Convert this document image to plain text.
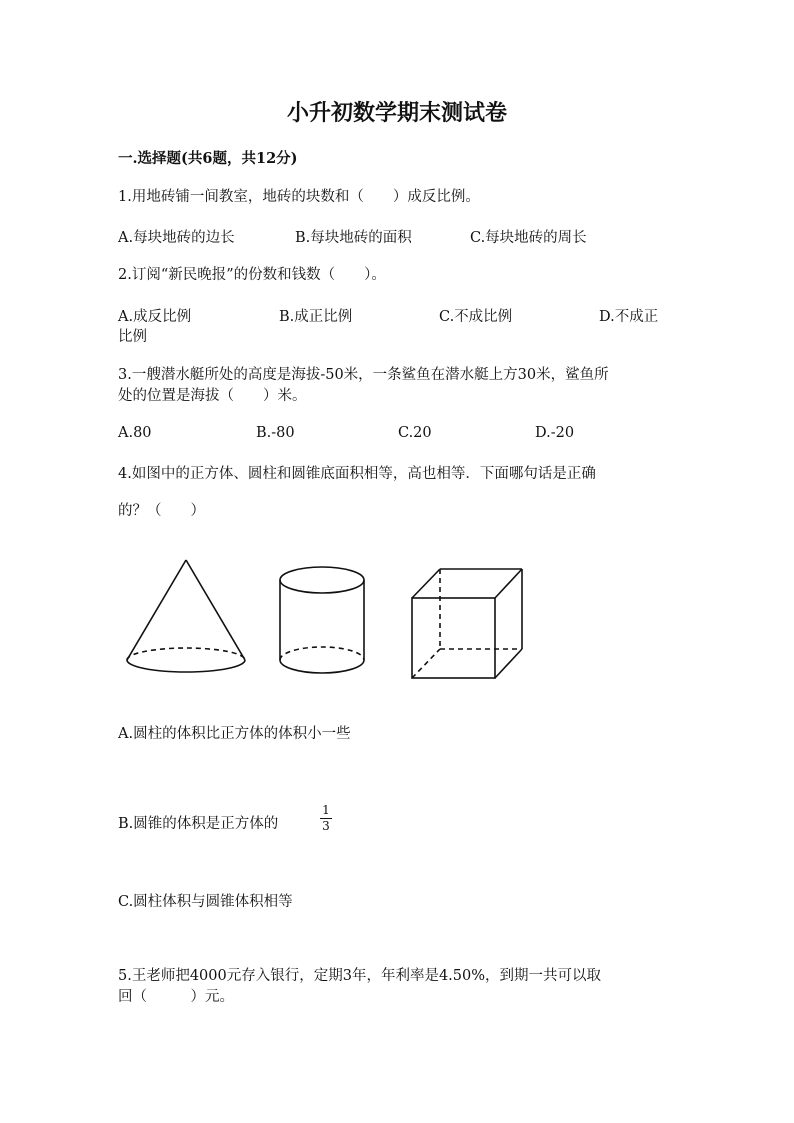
小升初数学期末测试卷
一.选择题(共6题，共12分)
1.用地砖铺一间教室，地砖的块数和（　　）成反比例。
A.每块地砖的边长	B.每块地砖的面积	C.每块地砖的周长
2.订阅“新民晚报”的份数和钱数（　　）。
A.成反比例	B.成正比例	C.不成比例	D.不成正
比例
3.一艘潜水艇所处的高度是海拔-50米，一条鲨鱼在潜水艇上方30米，鲨鱼所
处的位置是海拔（　　）米。
A.80	B.-80	C.20	D.-20
4.如图中的正方体、圆柱和圆锥底面积相等，高也相等．下面哪句话是正确
的？（　　）
A.圆柱的体积比正方体的体积小一些
B.圆锥的体积是正方体的	$\frac{1}{3}$
C.圆柱体积与圆锥体积相等
5.王老师把4000元存入银行，定期3年，年利率是4.50%，到期一共可以取
回（　　　）元。
